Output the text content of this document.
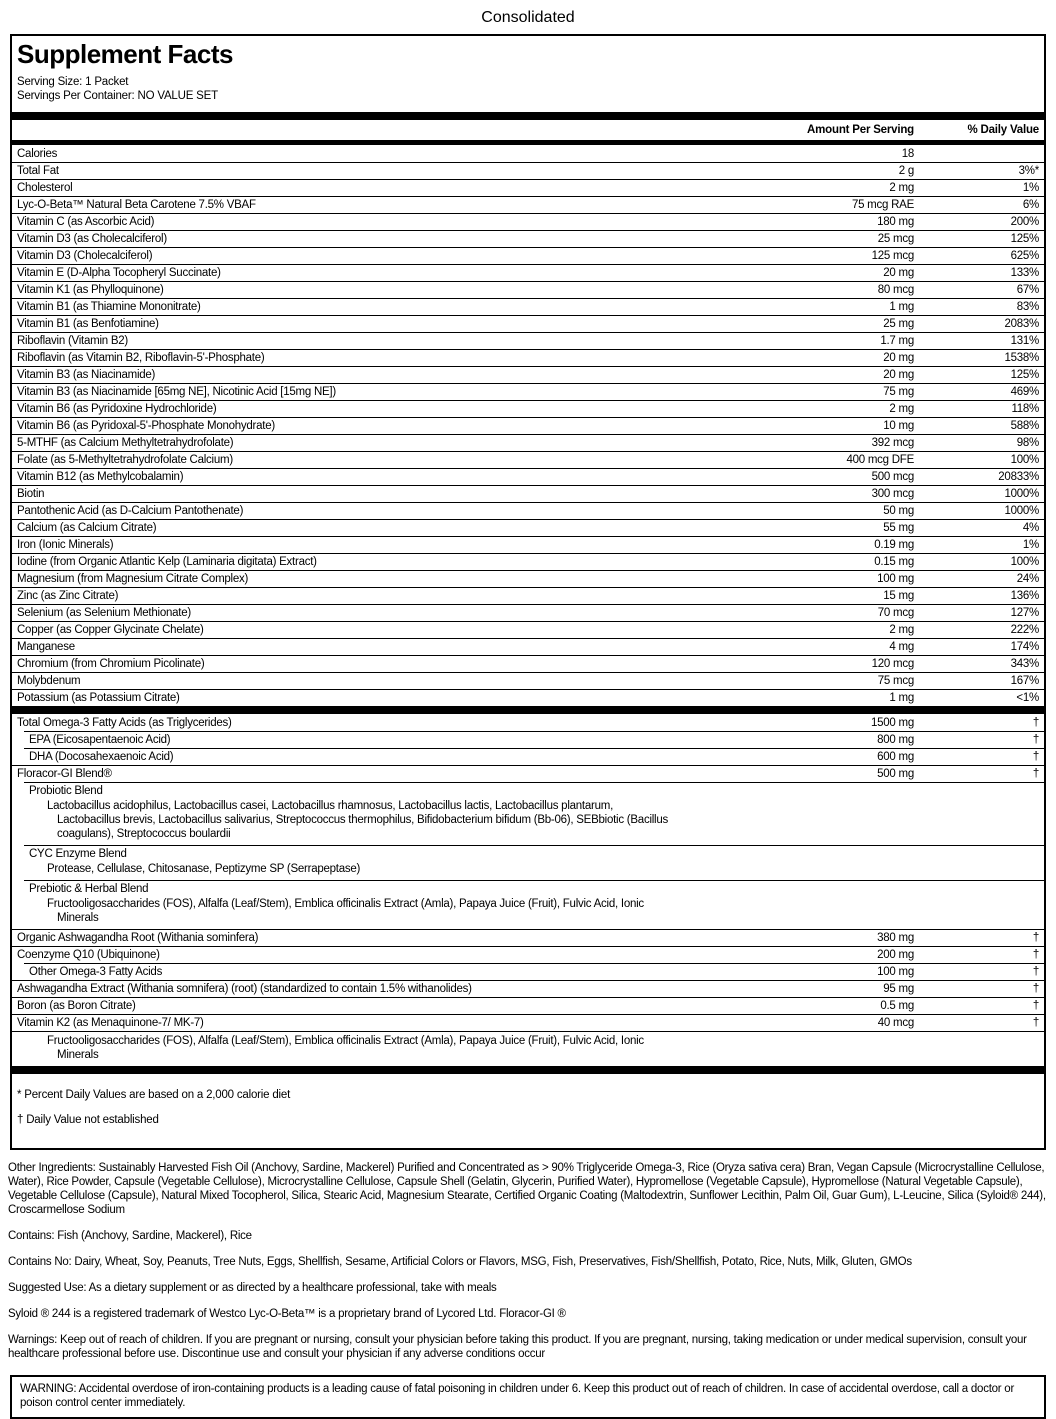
Consolidated
Supplement Facts
Serving Size: 1 Packet
Servings Per Container: NO VALUE SET
Amount Per Serving	% Daily Value
Calories	18
Total Fat	2 g	3%*
Cholesterol	2 mg	1%
Lyc-O-Beta™ Natural Beta Carotene 7.5% VBAF	75 mcg RAE	6%
Vitamin C (as Ascorbic Acid)	180 mg	200%
Vitamin D3 (as Cholecalciferol)	25 mcg	125%
Vitamin D3 (Cholecalciferol)	125 mcg	625%
Vitamin E (D-Alpha Tocopheryl Succinate)	20 mg	133%
Vitamin K1 (as Phylloquinone)	80 mcg	67%
Vitamin B1 (as Thiamine Mononitrate)	1 mg	83%
Vitamin B1 (as Benfotiamine)	25 mg	2083%
Riboflavin (Vitamin B2)	1.7 mg	131%
Riboflavin (as Vitamin B2, Riboflavin-5'-Phosphate)	20 mg	1538%
Vitamin B3 (as Niacinamide)	20 mg	125%
Vitamin B3 (as Niacinamide [65mg NE], Nicotinic Acid [15mg NE])	75 mg	469%
Vitamin B6 (as Pyridoxine Hydrochloride)	2 mg	118%
Vitamin B6 (as Pyridoxal-5'-Phosphate Monohydrate)	10 mg	588%
5-MTHF (as Calcium Methyltetrahydrofolate)	392 mcg	98%
Folate (as 5-Methyltetrahydrofolate Calcium)	400 mcg DFE	100%
Vitamin B12 (as Methylcobalamin)	500 mcg	20833%
Biotin	300 mcg	1000%
Pantothenic Acid (as D-Calcium Pantothenate)	50 mg	1000%
Calcium (as Calcium Citrate)	55 mg	4%
Iron (Ionic Minerals)	0.19 mg	1%
Iodine (from Organic Atlantic Kelp (Laminaria digitata) Extract)	0.15 mg	100%
Magnesium (from Magnesium Citrate Complex)	100 mg	24%
Zinc (as Zinc Citrate)	15 mg	136%
Selenium (as Selenium Methionate)	70 mcg	127%
Copper (as Copper Glycinate Chelate)	2 mg	222%
Manganese	4 mg	174%
Chromium (from Chromium Picolinate)	120 mcg	343%
Molybdenum	75 mcg	167%
Potassium (as Potassium Citrate)	1 mg	<1%
Total Omega-3 Fatty Acids (as Triglycerides)	1500 mg	†
EPA (Eicosapentaenoic Acid)	800 mg	†
DHA (Docosahexaenoic Acid)	600 mg	†
Floracor-GI Blend®	500 mg	†
Probiotic Blend
Lactobacillus acidophilus, Lactobacillus casei, Lactobacillus rhamnosus, Lactobacillus lactis, Lactobacillus plantarum,
Lactobacillus brevis, Lactobacillus salivarius, Streptococcus thermophilus, Bifidobacterium bifidum (Bb-06), SEBbiotic (Bacillus
coagulans), Streptococcus boulardii
CYC Enzyme Blend
Protease, Cellulase, Chitosanase, Peptizyme SP (Serrapeptase)
Prebiotic & Herbal Blend
Fructooligosaccharides (FOS), Alfalfa (Leaf/Stem), Emblica officinalis Extract (Amla), Papaya Juice (Fruit), Fulvic Acid, Ionic
Minerals
Organic Ashwagandha Root (Withania sominfera)	380 mg	†
Coenzyme Q10 (Ubiquinone)	200 mg	†
Other Omega-3 Fatty Acids	100 mg	†
Ashwagandha Extract (Withania somnifera) (root) (standardized to contain 1.5% withanolides)	95 mg	†
Boron (as Boron Citrate)	0.5 mg	†
Vitamin K2 (as Menaquinone-7/ MK-7)	40 mcg	†
Fructooligosaccharides (FOS), Alfalfa (Leaf/Stem), Emblica officinalis Extract (Amla), Papaya Juice (Fruit), Fulvic Acid, Ionic
Minerals
* Percent Daily Values are based on a 2,000 calorie diet
† Daily Value not established

Other Ingredients: Sustainably Harvested Fish Oil (Anchovy, Sardine, Mackerel) Purified and Concentrated as > 90% Triglyceride Omega-3, Rice (Oryza sativa cera) Bran, Vegan Capsule (Microcrystalline Cellulose, Water), Rice Powder, Capsule (Vegetable Cellulose), Microcrystalline Cellulose, Capsule Shell (Gelatin, Glycerin, Purified Water), Hypromellose (Vegetable Capsule), Hypromellose (Natural Vegetable Capsule), Vegetable Cellulose (Capsule), Natural Mixed Tocopherol, Silica, Stearic Acid, Magnesium Stearate, Certified Organic Coating (Maltodextrin, Sunflower Lecithin, Palm Oil, Guar Gum), L-Leucine, Silica (Syloid® 244), Croscarmellose Sodium

Contains: Fish (Anchovy, Sardine, Mackerel), Rice

Contains No: Dairy, Wheat, Soy, Peanuts, Tree Nuts, Eggs, Shellfish, Sesame, Artificial Colors or Flavors, MSG, Fish, Preservatives, Fish/Shellfish, Potato, Rice, Nuts, Milk, Gluten, GMOs

Suggested Use: As a dietary supplement or as directed by a healthcare professional, take with meals

Syloid ® 244 is a registered trademark of Westco Lyc-O-Beta™ is a proprietary brand of Lycored Ltd. Floracor-GI ®

Warnings: Keep out of reach of children. If you are pregnant or nursing, consult your physician before taking this product. If you are pregnant, nursing, taking medication or under medical supervision, consult your healthcare professional before use. Discontinue use and consult your physician if any adverse conditions occur

WARNING: Accidental overdose of iron-containing products is a leading cause of fatal poisoning in children under 6. Keep this product out of reach of children. In case of accidental overdose, call a doctor or poison control center immediately.
